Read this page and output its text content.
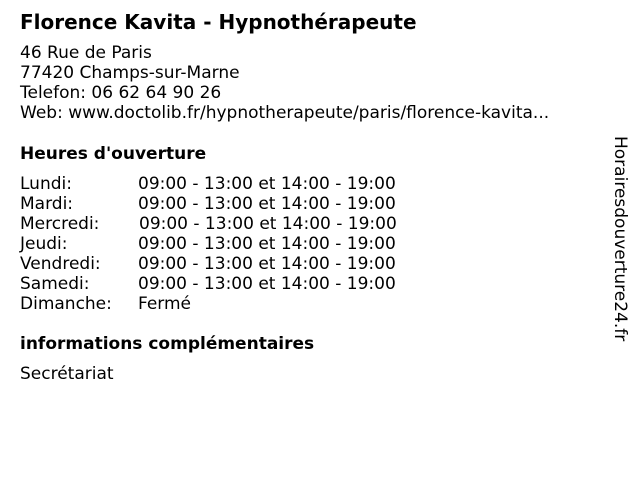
Florence Kavita - Hypnothérapeute
46 Rue de Paris
77420 Champs-sur-Marne
Telefon: 06 62 64 90 26
Web: www.doctolib.fr/hypnotherapeute/paris/florence-kavita...
Heures d'ouverture
Lundi:	09:00 - 13:00 et 14:00 - 19:00
Mardi:	09:00 - 13:00 et 14:00 - 19:00
Mercredi: 09:00 - 13:00 et 14:00 - 19:00
Jeudi:	09:00 - 13:00 et 14:00 - 19:00
Vendredi: 09:00 - 13:00 et 14:00 - 19:00
Samedi:	09:00 - 13:00 et 14:00 - 19:00
Dimanche: Fermé
informations complémentaires
Secrétariat
Horairesdouverture24.fr
